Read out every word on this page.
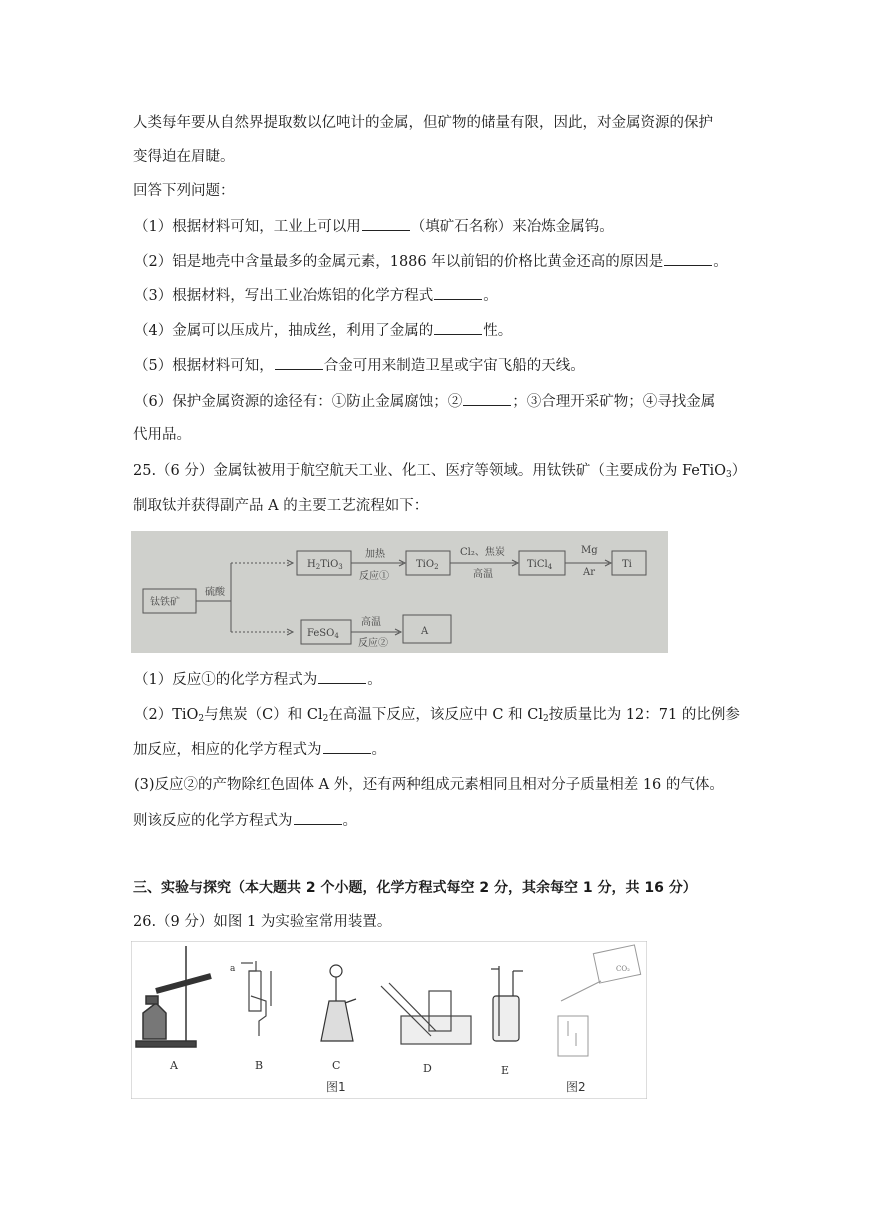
人类每年要从自然界提取数以亿吨计的金属，但矿物的储量有限，因此，对金属资源的保护
变得迫在眉睫。
回答下列问题：
（1）根据材料可知，工业上可以用	（填矿石名称）来冶炼金属钨。
（2）铝是地壳中含量最多的金属元素，1886 年以前铝的价格比黄金还高的原因是	。
（3）根据材料，写出工业冶炼铝的化学方程式	。
（4）金属可以压成片，抽成丝，利用了金属的	性。
（5）根据材料可知，	合金可用来制造卫星或宇宙飞船的天线。
（6）保护金属资源的途径有：①防止金属腐蚀；②	；③合理开采矿物；④寻找金属
代用品。
25.（6 分）金属钛被用于航空航天工业、化工、医疗等领域。用钛铁矿（主要成份为 FeTiO$_3$）
制取钛并获得副产品 A 的主要工艺流程如下：
钛铁矿
硫酸
$H_2TiO_3$
加热
反应①
TiO$_2$
Cl₂、焦炭
高温
TiCl$_4$
Mg
Ar
Ti
FeSO$_4$
高温
反应②
A
（1）反应①的化学方程式为	。
（2）TiO$_2$与焦炭（C）和 $Cl_2$在高温下反应，该反应中 C 和 $Cl_2$按质量比为 12：71 的比例参
加反应，相应的化学方程式为	。
(3)反应②的产物除红色固体 A 外，还有两种组成元素相同且相对分子质量相差 16 的气体。
则该反应的化学方程式为	。
三、实验与探究（本大题共 2 个小题，化学方程式每空 2 分，其余每空 1 分，共 16 分）
26.（9 分）如图 1 为实验室常用装置。
a	CO₂
A	B	C	D	E
图1	图2
